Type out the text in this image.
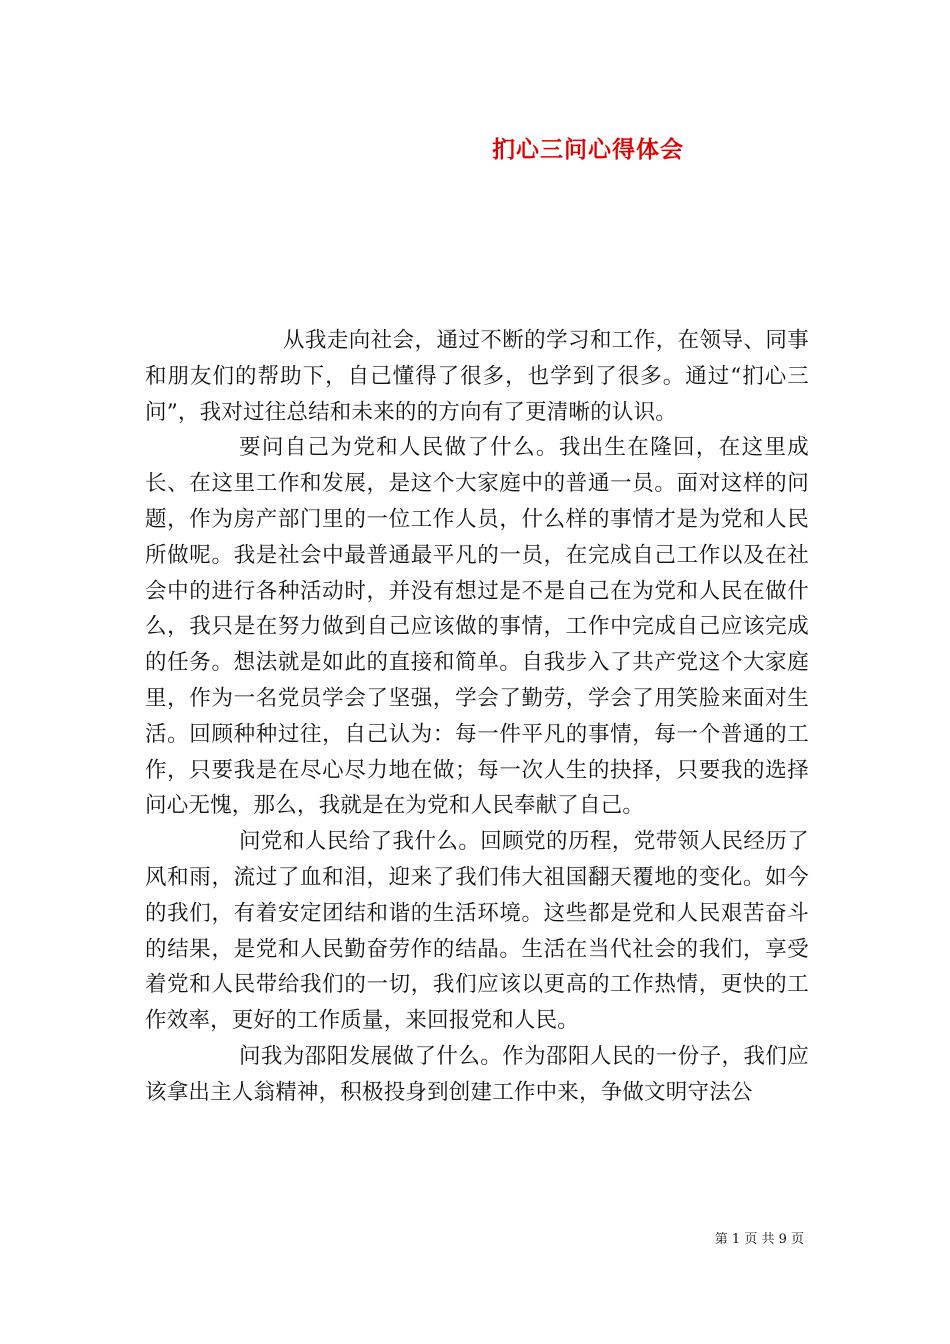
扪心三问心得体会

从我走向社会，通过不断的学习和工作，在领导、同事和朋友们的帮助下，自己懂得了很多，也学到了很多。通过“扪心三问”，我对过往总结和未来的的方向有了更清晰的认识。

要问自己为党和人民做了什么。我出生在隆回，在这里成长、在这里工作和发展，是这个大家庭中的普通一员。面对这样的问题，作为房产部门里的一位工作人员，什么样的事情才是为党和人民所做呢。我是社会中最普通最平凡的一员，在完成自己工作以及在社会中的进行各种活动时，并没有想过是不是自己在为党和人民在做什么，我只是在努力做到自己应该做的事情，工作中完成自己应该完成的任务。想法就是如此的直接和简单。自我步入了共产党这个大家庭里，作为一名党员学会了坚强，学会了勤劳，学会了用笑脸来面对生活。回顾种种过往，自己认为：每一件平凡的事情，每一个普通的工作，只要我是在尽心尽力地在做；每一次人生的抉择，只要我的选择问心无愧，那么，我就是在为党和人民奉献了自己。

问党和人民给了我什么。回顾党的历程，党带领人民经历了风和雨，流过了血和泪，迎来了我们伟大祖国翻天覆地的变化。如今的我们，有着安定团结和谐的生活环境。这些都是党和人民艰苦奋斗的结果，是党和人民勤奋劳作的结晶。生活在当代社会的我们，享受着党和人民带给我们的一切，我们应该以更高的工作热情，更快的工作效率，更好的工作质量，来回报党和人民。

问我为邵阳发展做了什么。作为邵阳人民的一份子，我们应该拿出主人翁精神，积极投身到创建工作中来，争做文明守法公

第 1 页 共 9 页
